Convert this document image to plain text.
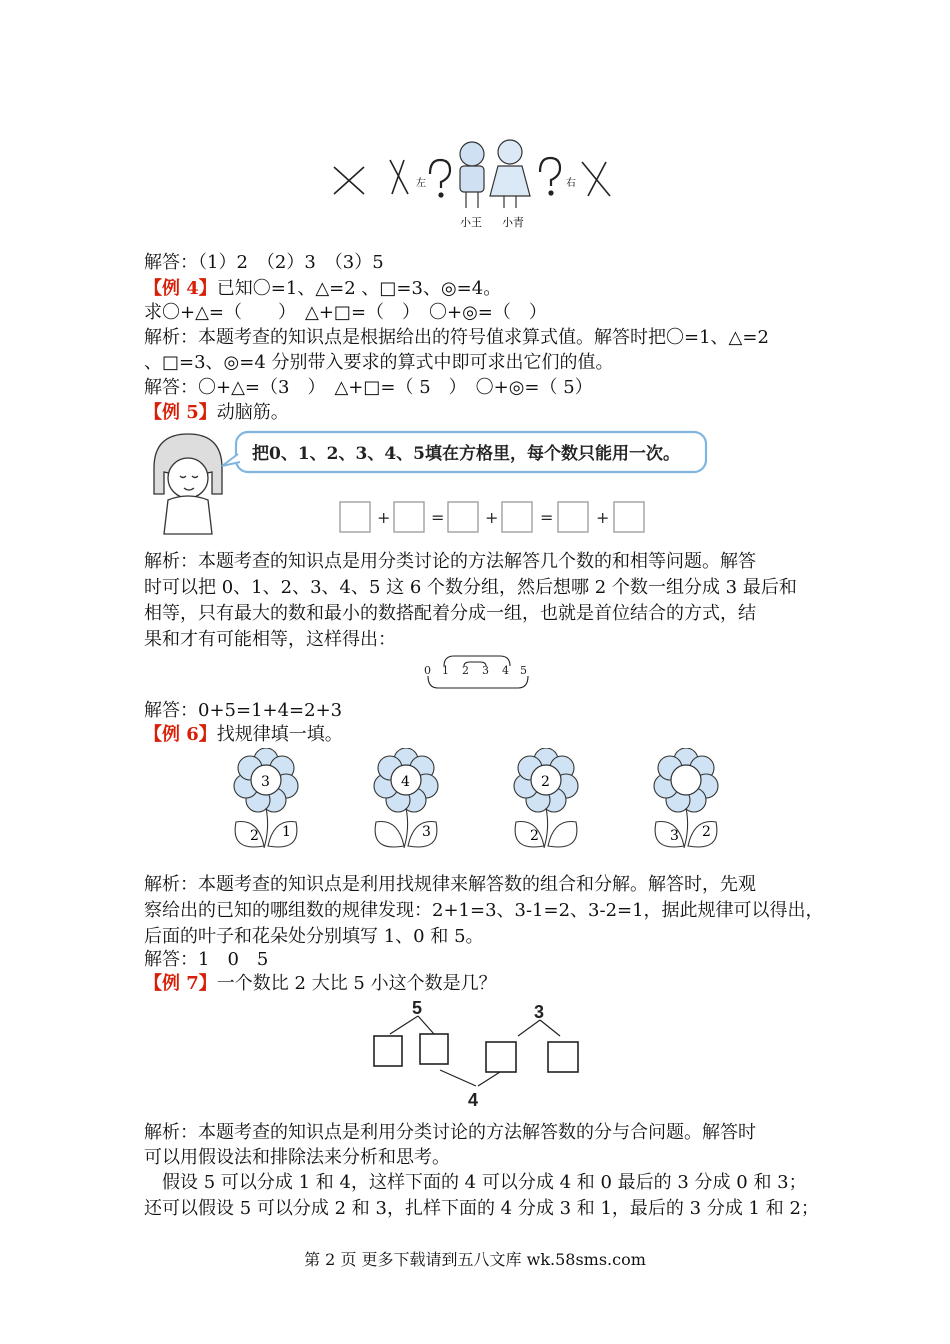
左	右
小王 小青
解答：（1）2　（2）3　（3）5
【例 4】已知〇=1、△=2 、□=3、◎=4。
求〇+△=（　　）　△+□=（　）　〇+◎=（　）
解析：本题考查的知识点是根据给出的符号值求算式值。解答时把〇=1、△=2
、□=3、◎=4 分别带入要求的算式中即可求出它们的值。
解答：〇+△=（3　）　△+□=（ 5　）　〇+◎=（ 5）
【例 5】动脑筋。
把0、1、2、3、4、5填在方格里，每个数只能用一次。
+	=	+	=	+
解析：本题考查的知识点是用分类讨论的方法解答几个数的和相等问题。解答
时可以把 0、1、2、3、4、5 这 6 个数分组，然后想哪 2 个数一组分成 3 最后和
相等，只有最大的数和最小的数搭配着分成一组，也就是首位结合的方式，结
果和才有可能相等，这样得出：
0 1 2 3 4 5
解答：0+5=1+4=2+3
【例 6】找规律填一填。
3
2 1
4
3
2
2	3 2
解析：本题考查的知识点是利用找规律来解答数的组合和分解。解答时，先观
察给出的已知的哪组数的规律发现：2+1=3、3-1=2、3-2=1，据此规律可以得出，
后面的叶子和花朵处分别填写 1、0 和 5。
解答：1　0　5
【例 7】一个数比 2 大比 5 小这个数是几？
5	3
4
解析：本题考查的知识点是利用分类讨论的方法解答数的分与合问题。解答时
可以用假设法和排除法来分析和思考。
　假设 5 可以分成 1 和 4，这样下面的 4 可以分成 4 和 0 最后的 3 分成 0 和 3；
还可以假设 5 可以分成 2 和 3，扎样下面的 4 分成 3 和 1，最后的 3 分成 1 和 2；
第 2 页 更多下载请到五八文库 wk.58sms.com
